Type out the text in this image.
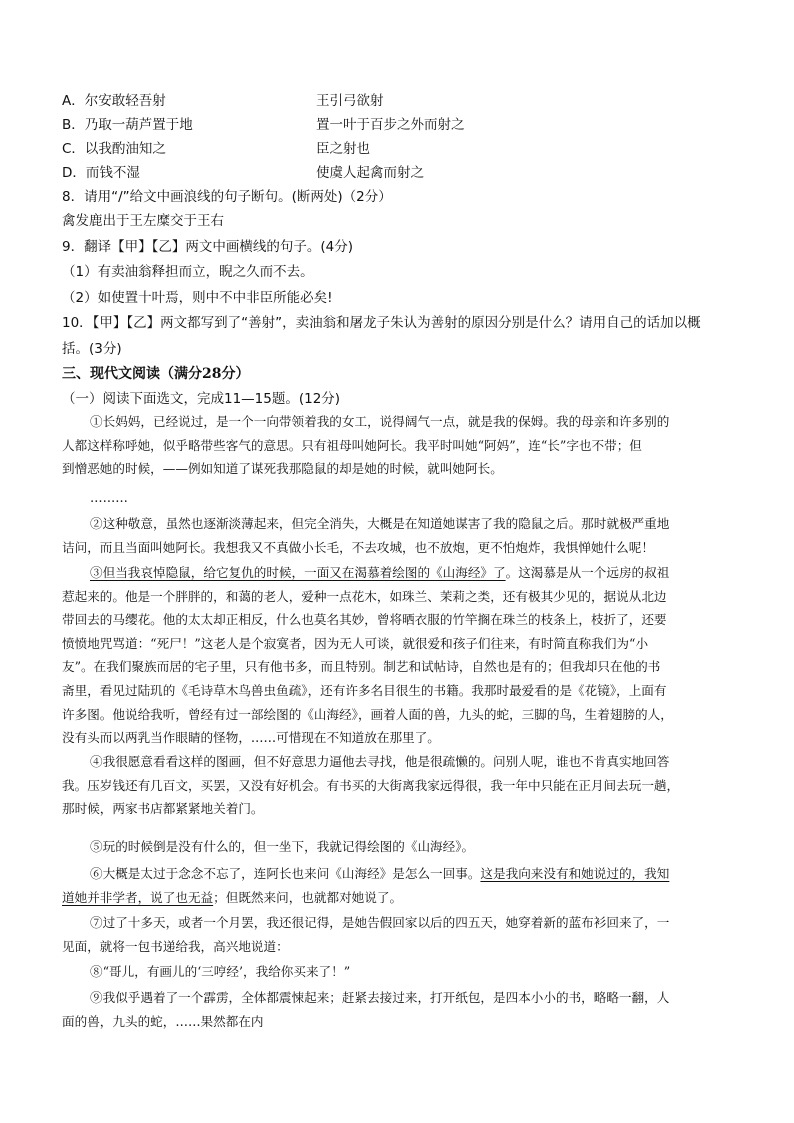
A．尔安敢轻吾射	王引弓欲射
B．乃取一葫芦置于地	置一叶于百步之外而射之
C．以我酌油知之	臣之射也
D．而钱不湿	使虞人起禽而射之
8．请用“/”给文中画浪线的句子断句。(断两处)（2分）
禽发鹿出于王左糜交于王右
9．翻译【甲】【乙】两文中画横线的句子。(4分)
（1）有卖油翁释担而立，睨之久而不去。
（2）如使置十叶焉，则中不中非臣所能必矣!
10．【甲】【乙】两文都写到了“善射”，卖油翁和屠龙子朱认为善射的原因分别是什么？请用自己的话加以概
括。(3分)
三、现代文阅读（满分28分）
（一）阅读下面选文，完成11—15题。(12分)
①长妈妈，已经说过，是一个一向带领着我的女工，说得阔气一点，就是我的保姆。我的母亲和许多别的
人都这样称呼她，似乎略带些客气的意思。只有祖母叫她阿长。我平时叫她“阿妈”，连“长”字也不带；但
到憎恶她的时候，——例如知道了谋死我那隐鼠的却是她的时候，就叫她阿长。
………
②这种敬意，虽然也逐渐淡薄起来，但完全消失，大概是在知道她谋害了我的隐鼠之后。那时就极严重地
诘问，而且当面叫她阿长。我想我又不真做小长毛，不去攻城，也不放炮，更不怕炮炸，我惧惮她什么呢！
③但当我哀悼隐鼠，给它复仇的时候，一面又在渴慕着绘图的《山海经》了。这渴慕是从一个远房的叔祖
惹起来的。他是一个胖胖的，和蔼的老人，爱种一点花木，如珠兰、茉莉之类，还有极其少见的，据说从北边
带回去的马缨花。他的太太却正相反，什么也莫名其妙，曾将晒衣服的竹竿搁在珠兰的枝条上，枝折了，还要
愤愤地咒骂道：“死尸！”这老人是个寂寞者，因为无人可谈，就很爱和孩子们往来，有时简直称我们为“小
友”。在我们聚族而居的宅子里，只有他书多，而且特别。制艺和试帖诗，自然也是有的；但我却只在他的书
斋里，看见过陆玑的《毛诗草木鸟兽虫鱼疏》，还有许多名目很生的书籍。我那时最爱看的是《花镜》，上面有
许多图。他说给我听，曾经有过一部绘图的《山海经》，画着人面的兽，九头的蛇，三脚的鸟，生着翅膀的人，
没有头而以两乳当作眼睛的怪物，……可惜现在不知道放在那里了。
④我很愿意看看这样的图画，但不好意思力逼他去寻找，他是很疏懒的。问别人呢，谁也不肯真实地回答
我。压岁钱还有几百文，买罢，又没有好机会。有书买的大街离我家远得很，我一年中只能在正月间去玩一趟，
那时候，两家书店都紧紧地关着门。
⑤玩的时候倒是没有什么的，但一坐下，我就记得绘图的《山海经》。
⑥大概是太过于念念不忘了，连阿长也来问《山海经》是怎么一回事。这是我向来没有和她说过的，我知
道她并非学者，说了也无益；但既然来问，也就都对她说了。
⑦过了十多天，或者一个月罢，我还很记得，是她告假回家以后的四五天，她穿着新的蓝布衫回来了，一
见面，就将一包书递给我，高兴地说道：
⑧“哥儿，有画儿的‘三哼经’，我给你买来了！”
⑨我似乎遇着了一个霹雳，全体都震悚起来；赶紧去接过来，打开纸包，是四本小小的书，略略一翻，人
面的兽，九头的蛇，……果然都在内
